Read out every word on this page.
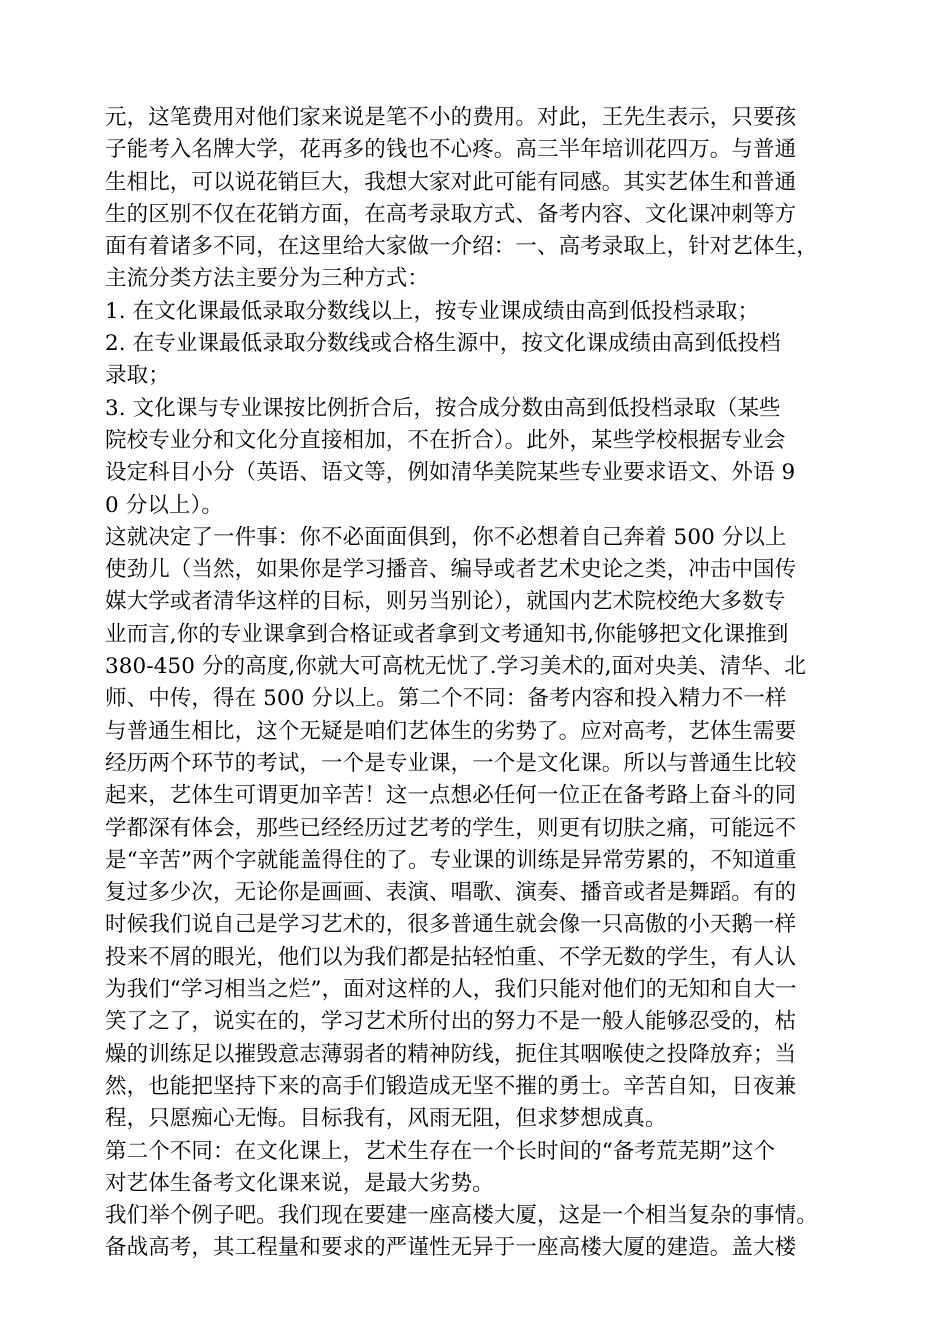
元，这笔费用对他们家来说是笔不小的费用。对此，王先生表示，只要孩
子能考入名牌大学，花再多的钱也不心疼。高三半年培训花四万。与普通
生相比，可以说花销巨大，我想大家对此可能有同感。其实艺体生和普通
生的区别不仅在花销方面，在高考录取方式、备考内容、文化课冲刺等方
面有着诸多不同，在这里给大家做一介绍：一、高考录取上，针对艺体生，
主流分类方法主要分为三种方式：
1. 在文化课最低录取分数线以上，按专业课成绩由高到低投档录取；
2. 在专业课最低录取分数线或合格生源中，按文化课成绩由高到低投档
录取；
3. 文化课与专业课按比例折合后，按合成分数由高到低投档录取（某些
院校专业分和文化分直接相加，不在折合）。此外，某些学校根据专业会
设定科目小分（英语、语文等，例如清华美院某些专业要求语文、外语 9
0 分以上）。
这就决定了一件事：你不必面面俱到，你不必想着自己奔着 500 分以上
使劲儿（当然，如果你是学习播音、编导或者艺术史论之类，冲击中国传
媒大学或者清华这样的目标，则另当别论），就国内艺术院校绝大多数专
业而言,你的专业课拿到合格证或者拿到文考通知书,你能够把文化课推到
380-450 分的高度,你就大可高枕无忧了.学习美术的,面对央美、清华、北
师、中传，得在 500 分以上。第二个不同：备考内容和投入精力不一样
与普通生相比，这个无疑是咱们艺体生的劣势了。应对高考，艺体生需要
经历两个环节的考试，一个是专业课，一个是文化课。所以与普通生比较
起来，艺体生可谓更加辛苦！这一点想必任何一位正在备考路上奋斗的同
学都深有体会，那些已经经历过艺考的学生，则更有切肤之痛，可能远不
是“辛苦”两个字就能盖得住的了。专业课的训练是异常劳累的，不知道重
复过多少次，无论你是画画、表演、唱歌、演奏、播音或者是舞蹈。有的
时候我们说自己是学习艺术的，很多普通生就会像一只高傲的小天鹅一样
投来不屑的眼光，他们以为我们都是拈轻怕重、不学无数的学生，有人认
为我们“学习相当之烂”，面对这样的人，我们只能对他们的无知和自大一
笑了之了，说实在的，学习艺术所付出的努力不是一般人能够忍受的，枯
燥的训练足以摧毁意志薄弱者的精神防线，扼住其咽喉使之投降放弃；当
然，也能把坚持下来的高手们锻造成无坚不摧的勇士。辛苦自知，日夜兼
程，只愿痴心无悔。目标我有，风雨无阻，但求梦想成真。
第二个不同：在文化课上，艺术生存在一个长时间的“备考荒芜期”这个
对艺体生备考文化课来说，是最大劣势。
我们举个例子吧。我们现在要建一座高楼大厦，这是一个相当复杂的事情。
备战高考，其工程量和要求的严谨性无异于一座高楼大厦的建造。盖大楼
